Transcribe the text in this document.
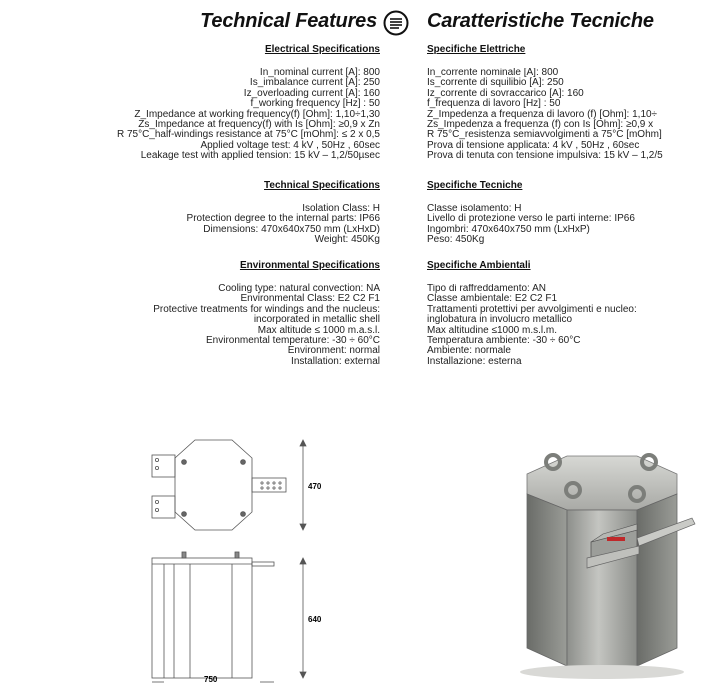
Technical Features	Caratteristiche Tecniche
Electrical Specifications	Specifiche Elettriche
In_nominal current [A]: 800
Is_imbalance current [A]: 250
Iz_overloading current [A]: 160
f_working frequency [Hz] : 50
Z_Impedance at working frequency(f) [Ohm]: 1,10÷1,30
Zs_Impedance at frequency(f) with Is [Ohm]: ≥0,9 x Zn
R 75°C_half-windings resistance at 75°C [mOhm]: ≤ 2 x 0,5
Applied voltage test: 4 kV , 50Hz , 60sec
Leakage test with applied tension: 15 kV – 1,2/50µsec
In_corrente nominale [A]: 800
Is_corrente di squilibio [A]: 250
Iz_corrente di sovraccarico [A]: 160
f_frequenza di lavoro [Hz] : 50
Z_Impedenza a frequenza di lavoro (f) [Ohm]: 1,10÷
Zs_Impedenza a frequenza (f) con Is [Ohm]: ≥0,9 x
R 75°C_resistenza semiavvolgimenti a 75°C [mOhm]
Prova di tensione applicata: 4 kV , 50Hz , 60sec
Prova di tenuta con tensione impulsiva: 15 kV – 1,2/5
Technical Specifications	Specifiche Tecniche
Isolation Class: H
Protection degree to the internal parts: IP66
Dimensions: 470x640x750 mm (LxHxD)
Weight: 450Kg
Classe isolamento: H
Livello di protezione verso le parti interne: IP66
Ingombri: 470x640x750 mm (LxHxP)
Peso: 450Kg
Environmental Specifications	Specifiche Ambientali
Cooling type: natural convection: NA
Environmental Class: E2 C2 F1
Protective treatments for windings and the nucleus:
incorporated in metallic shell
Max altitude ≤ 1000 m.a.s.l.
Environmental temperature: -30 ÷ 60°C
Environment: normal
Installation: external
Tipo di raffreddamento: AN
Classe ambientale: E2 C2 F1
Trattamenti protettivi per avvolgimenti e nucleo:
inglobatura in involucro metallico
Max altitudine ≤1000 m.s.l.m.
Temperatura ambiente: -30 ÷ 60°C
Ambiente: normale
Installazione: esterna
470
640
750
